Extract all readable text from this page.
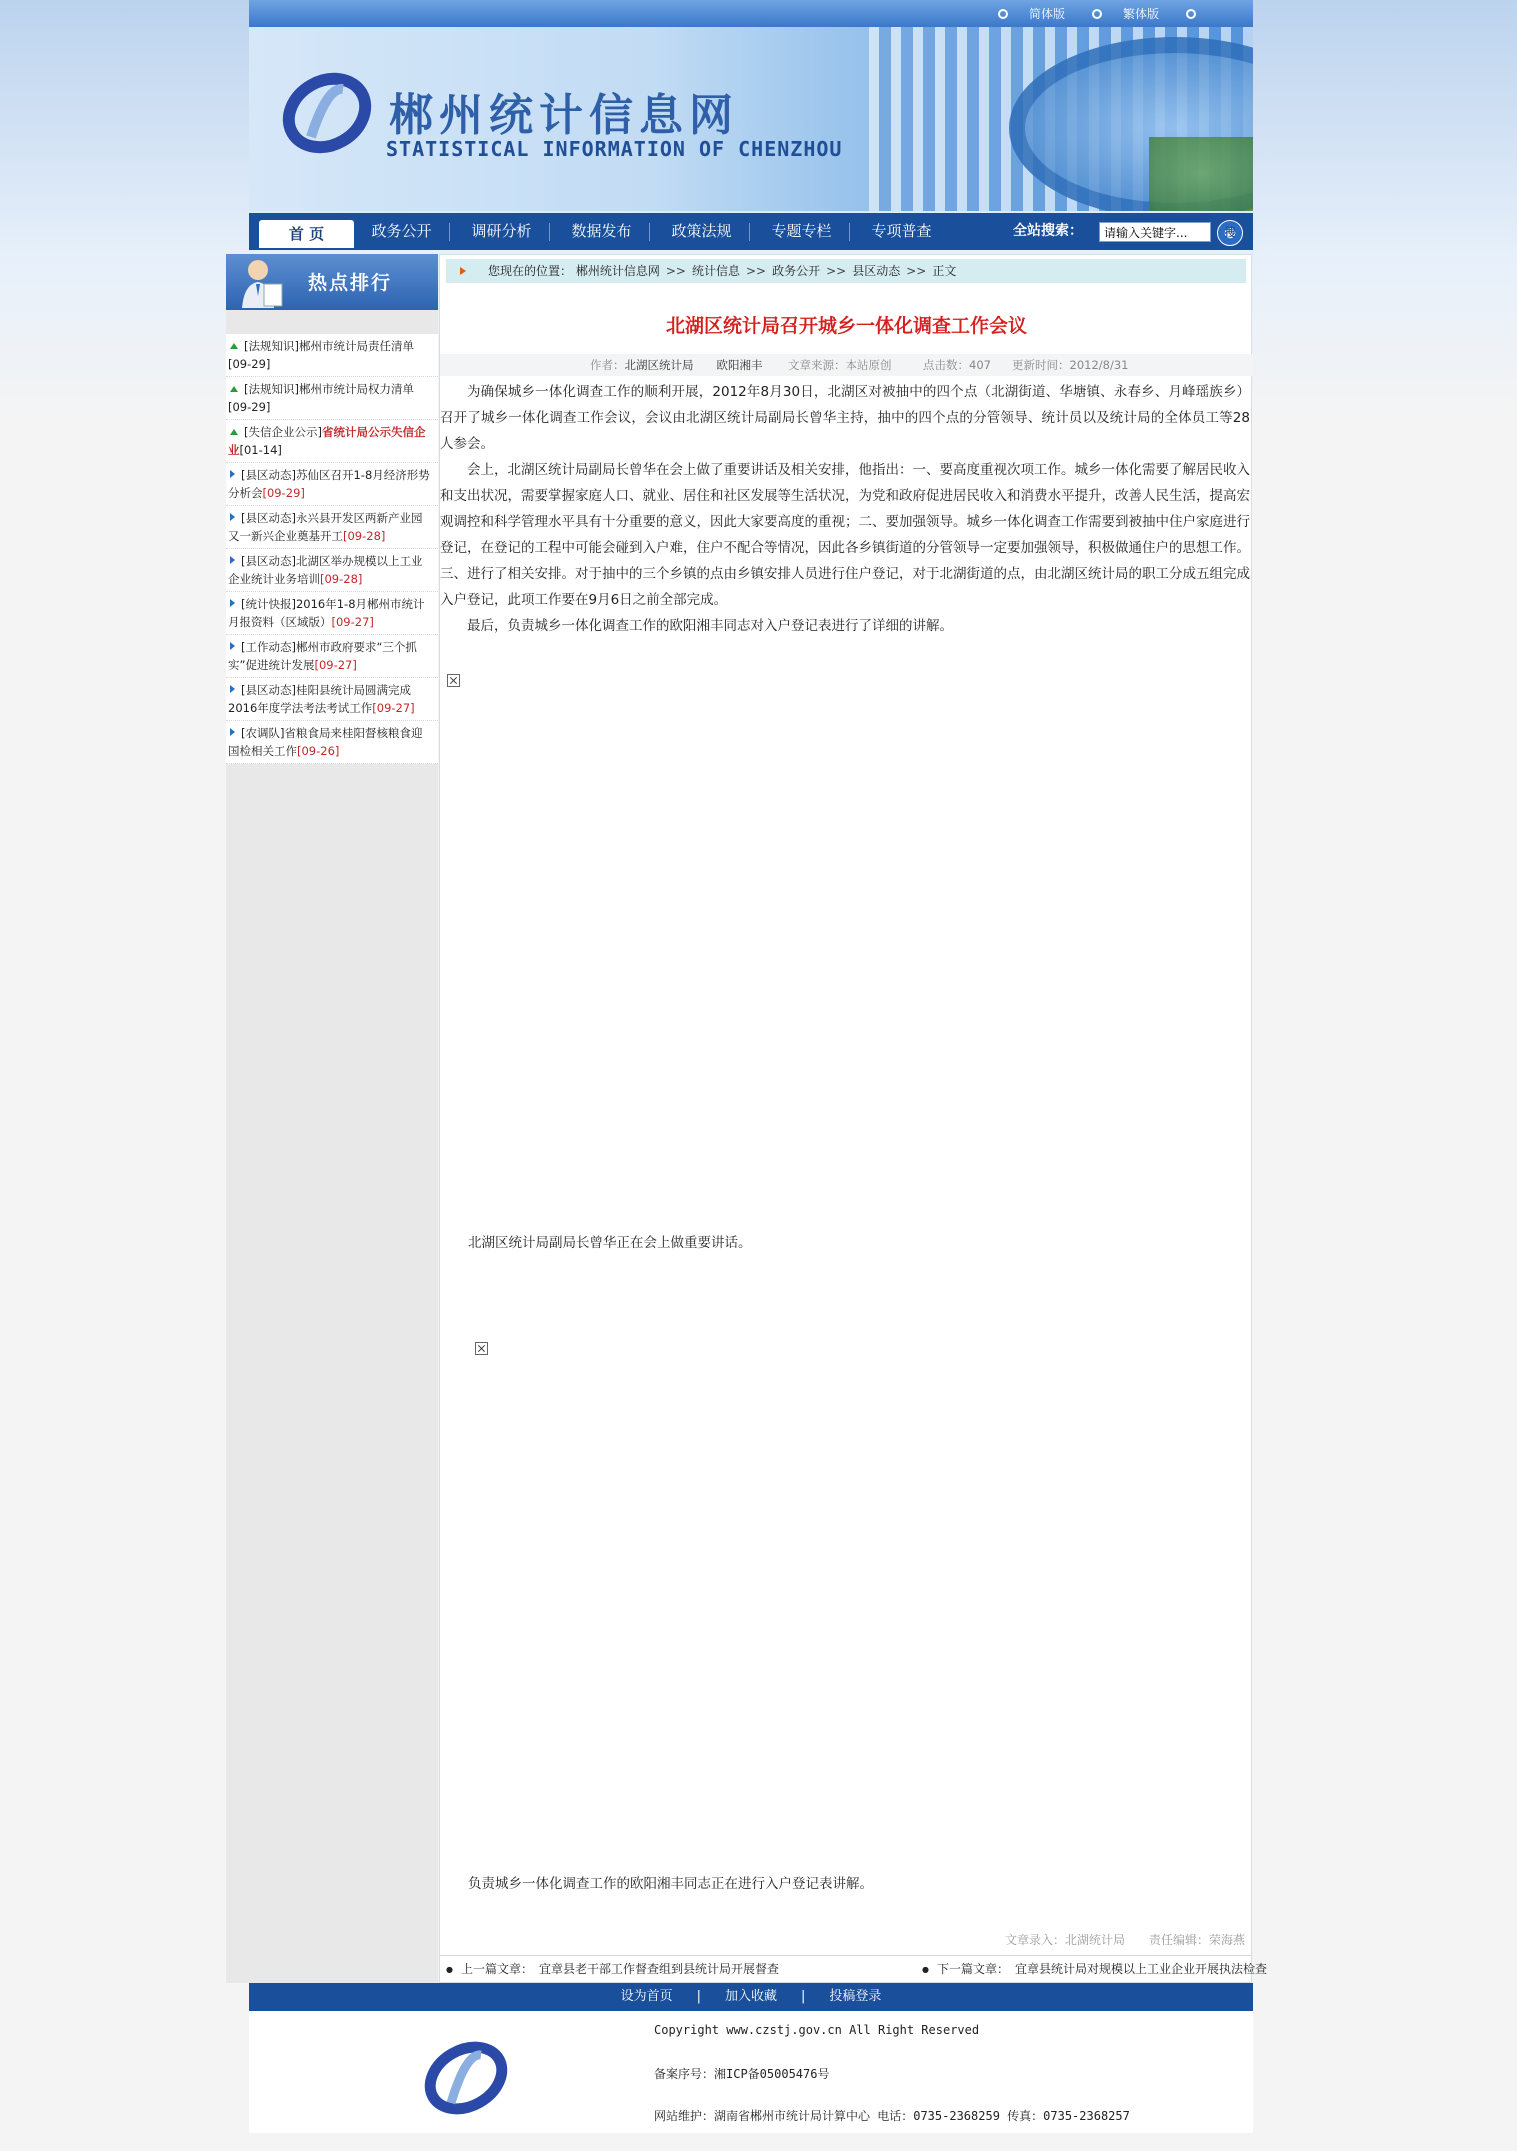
简体版	繁体版
郴州统计信息网
STATISTICAL INFORMATION OF CHENZHOU
首 页	政务公开	调研分析	数据发布	政策法规	专题专栏	专项普查	全站搜索：
请输入关键字...	搜
热点排行
[法规知识]郴州市统计局责任清单[09-29]
[法规知识]郴州市统计局权力清单[09-29]
[失信企业公示]省统计局公示失信企业[01-14]
[县区动态]苏仙区召开1-8月经济形势分析会[09-29]
[县区动态]永兴县开发区两新产业园又一新兴企业奠基开工[09-28]
[县区动态]北湖区举办规模以上工业企业统计业务培训[09-28]
[统计快报]2016年1-8月郴州市统计月报资料（区域版）[09-27]
[工作动态]郴州市政府要求“三个抓实”促进统计发展[09-27]
[县区动态]桂阳县统计局圆满完成2016年度学法考法考试工作[09-27]
[农调队]省粮食局来桂阳督核粮食迎国检相关工作[09-26]
您现在的位置： 郴州统计信息网 >> 统计信息 >> 政务公开 >> 县区动态 >> 正文
北湖区统计局召开城乡一体化调查工作会议
作者：北湖区统计局　　欧阳湘丰 文章来源：本站原创	点击数：407 更新时间：2012/8/31

为确保城乡一体化调查工作的顺利开展，2012年8月30日，北湖区对被抽中的四个点（北湖街道、华塘镇、永春乡、月峰瑶族乡）召开了城乡一体化调查工作会议，会议由北湖区统计局副局长曾华主持，抽中的四个点的分管领导、统计员以及统计局的全体员工等28人参会。

会上，北湖区统计局副局长曾华在会上做了重要讲话及相关安排，他指出：一、要高度重视次项工作。城乡一体化需要了解居民收入和支出状况，需要掌握家庭人口、就业、居住和社区发展等生活状况，为党和政府促进居民收入和消费水平提升，改善人民生活，提高宏观调控和科学管理水平具有十分重要的意义，因此大家要高度的重视；二、要加强领导。城乡一体化调查工作需要到被抽中住户家庭进行登记，在登记的工程中可能会碰到入户难，住户不配合等情况，因此各乡镇街道的分管领导一定要加强领导，积极做通住户的思想工作。三、进行了相关安排。对于抽中的三个乡镇的点由乡镇安排人员进行住户登记，对于北湖街道的点，由北湖区统计局的职工分成五组完成入户登记，此项工作要在9月6日之前全部完成。

最后，负责城乡一体化调查工作的欧阳湘丰同志对入户登记表进行了详细的讲解。

北湖区统计局副局长曾华正在会上做重要讲话。
负责城乡一体化调查工作的欧阳湘丰同志正在进行入户登记表讲解。
文章录入：北湖统计局　　责任编辑：荣海燕
● 上一篇文章：　宜章县老干部工作督查组到县统计局开展督查
●	下一篇文章：　宜章县统计局对规模以上工业企业开展执法检查
设为首页 | 加入收藏 | 投稿登录
Copyright www.czstj.gov.cn All Right Reserved
备案序号：湘ICP备05005476号
网站维护：湖南省郴州市统计局计算中心 电话：0735-2368259 传真：0735-2368257
